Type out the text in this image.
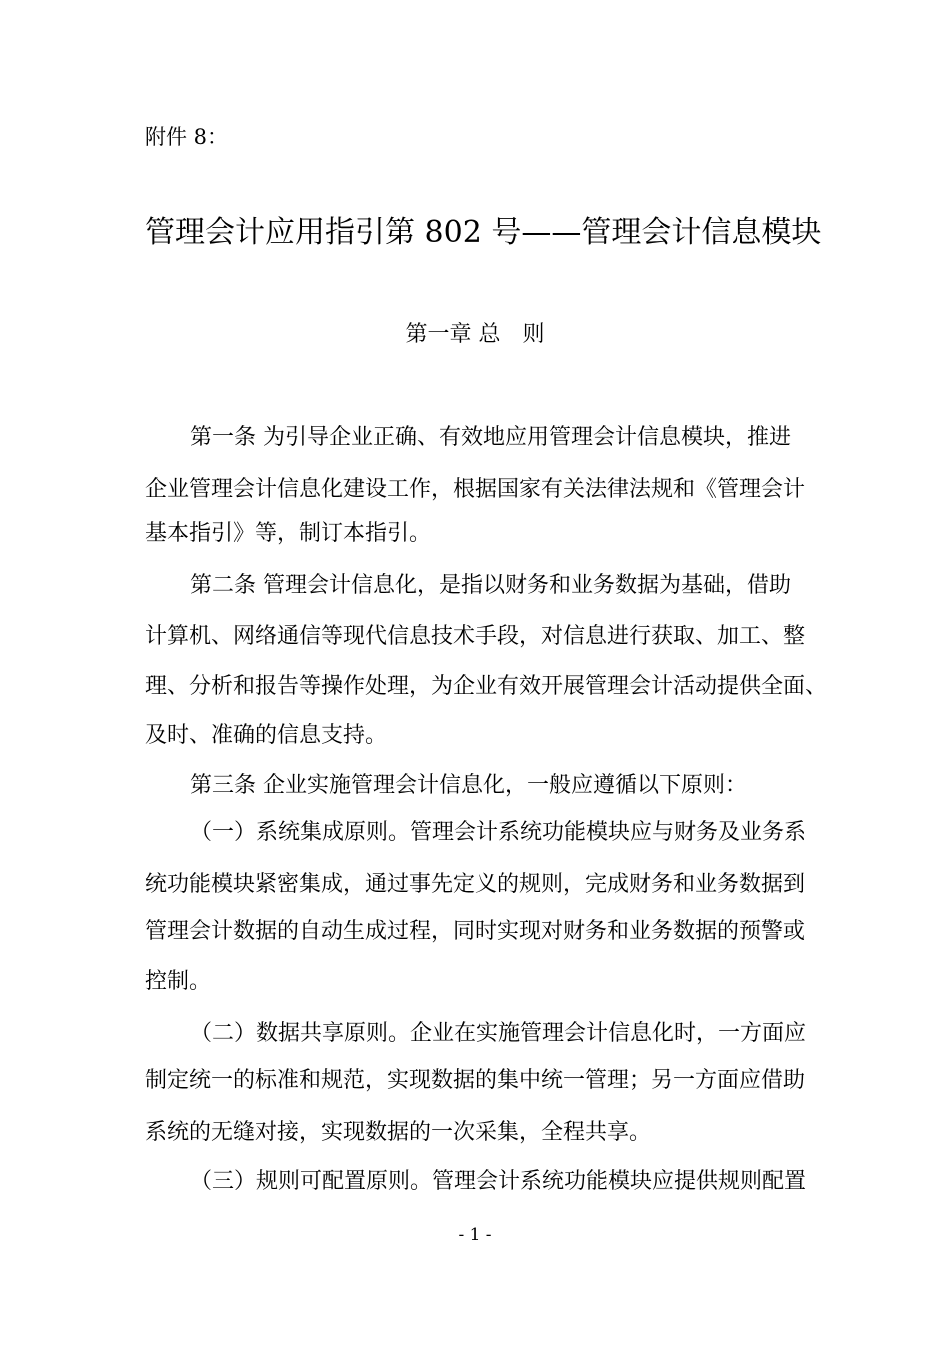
附件 8：
管理会计应用指引第 802 号——管理会计信息模块
第一章 总　则
第一条 为引导企业正确、有效地应用管理会计信息模块，推进
企业管理会计信息化建设工作，根据国家有关法律法规和《管理会计
基本指引》等，制订本指引。
第二条 管理会计信息化，是指以财务和业务数据为基础，借助
计算机、网络通信等现代信息技术手段，对信息进行获取、加工、整
理、分析和报告等操作处理，为企业有效开展管理会计活动提供全面、
及时、准确的信息支持。
第三条 企业实施管理会计信息化，一般应遵循以下原则：
（一）系统集成原则。管理会计系统功能模块应与财务及业务系
统功能模块紧密集成，通过事先定义的规则，完成财务和业务数据到
管理会计数据的自动生成过程，同时实现对财务和业务数据的预警或
控制。
（二）数据共享原则。企业在实施管理会计信息化时，一方面应
制定统一的标准和规范，实现数据的集中统一管理；另一方面应借助
系统的无缝对接，实现数据的一次采集，全程共享。
（三）规则可配置原则。管理会计系统功能模块应提供规则配置
- 1 -
